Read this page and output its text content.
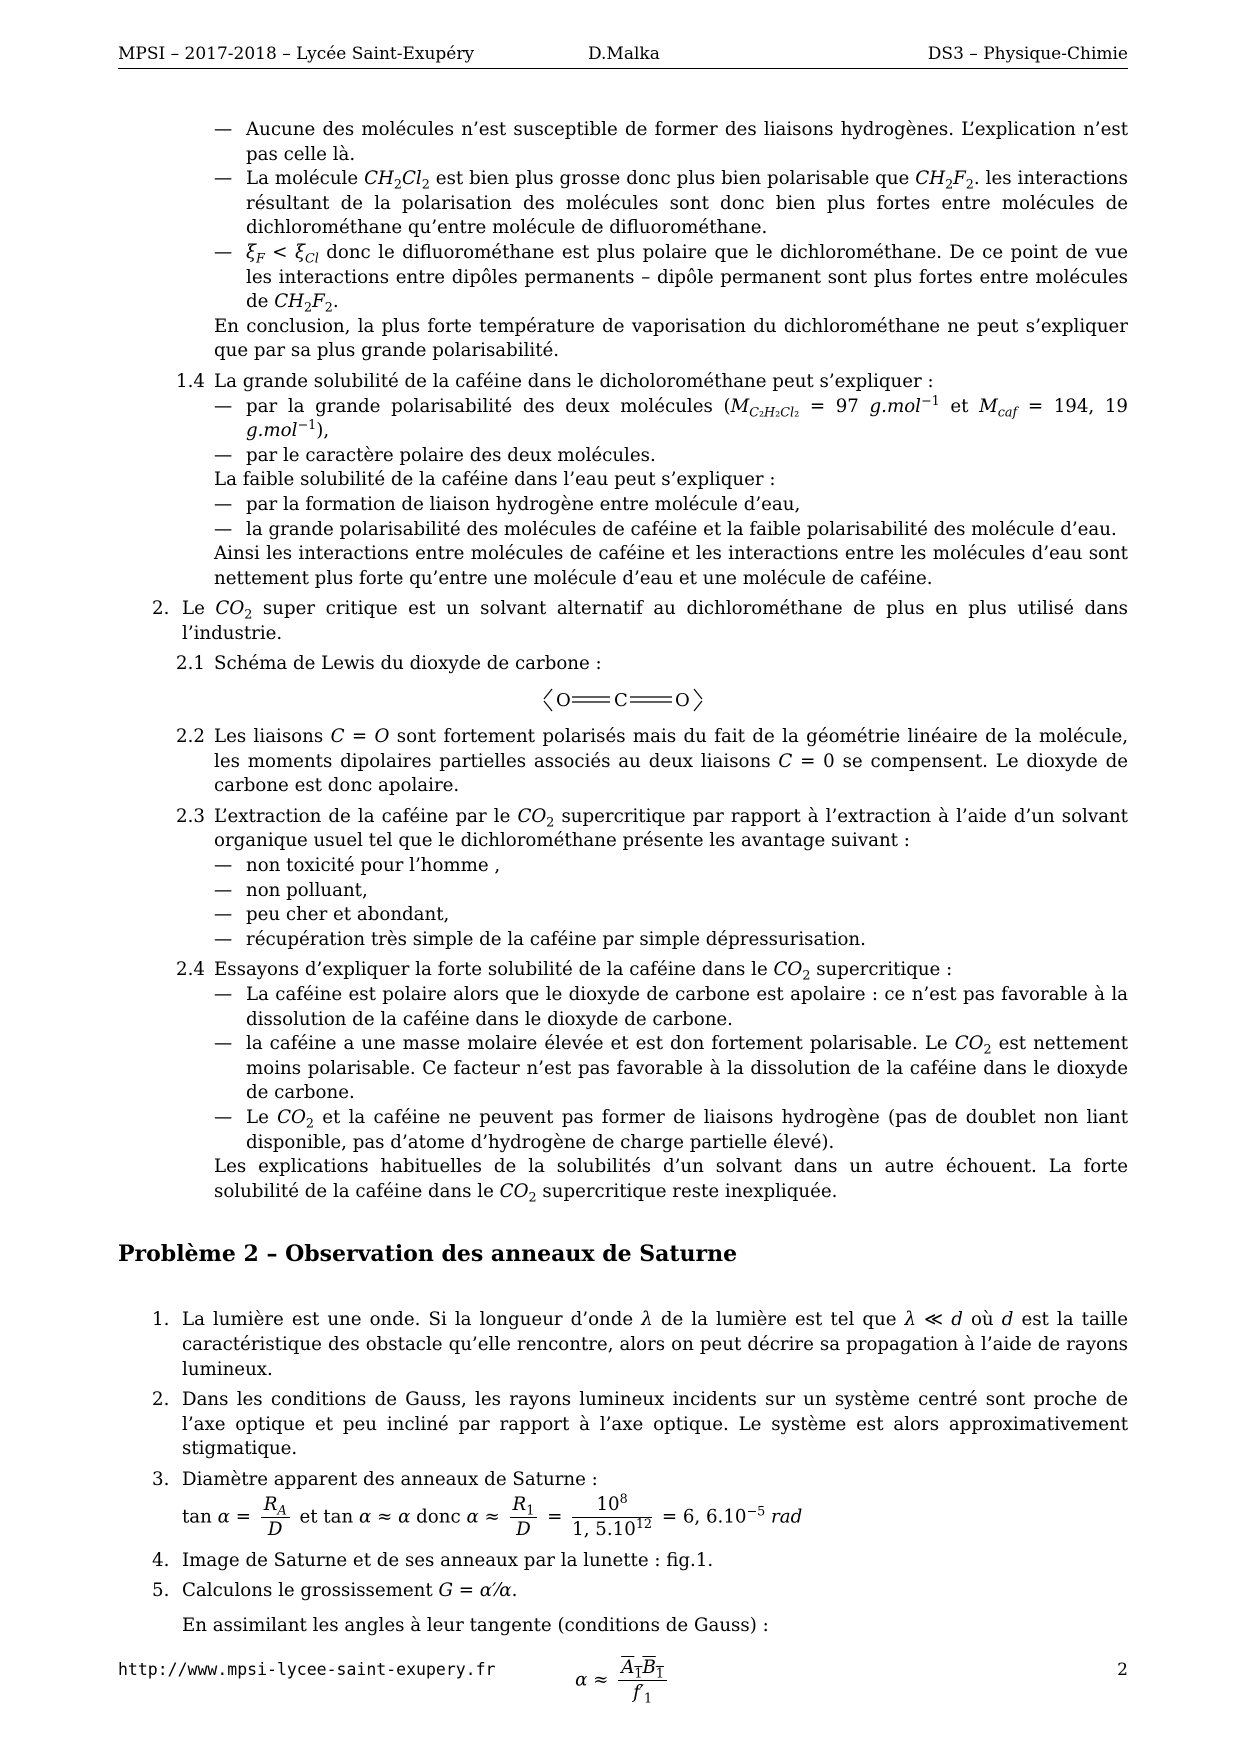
MPSI – 2017-2018 – Lycée Saint-Exupéry	D.Malka	DS3 – Physique-Chimie

— Aucune des molécules n’est susceptible de former des liaisons hydrogènes. L’explication n’est pas celle là.

— La molécule $CH_2Cl_2$ est bien plus grosse donc plus bien polarisable que $CH_2F_2$. les interactions résultant de la polarisation des molécules sont donc bien plus fortes entre molécules de dichlorométhane qu’entre molécule de difluorométhane.

— $\xi_F < \xi_{Cl}$ donc le difluorométhane est plus polaire que le dichlorométhane. De ce point de vue les interactions entre dipôles permanents – dipôle permanent sont plus fortes entre molécules de $CH_2F_2$.

En conclusion, la plus forte température de vaporisation du dichlorométhane ne peut s’expliquer que par sa plus grande polarisabilité.

1.4 La grande solubilité de la caféine dans le dicholorométhane peut s’expliquer :

— par la grande polarisabilité des deux molécules ($M_{C_2H_2Cl_2} = 97$ g.mol$^{-1}$ et $M_{caf} = 194$, 19 g.mol$^{-1}$),

— par le caractère polaire des deux molécules.

La faible solubilité de la caféine dans l’eau peut s’expliquer :

— par la formation de liaison hydrogène entre molécule d’eau,

— la grande polarisabilité des molécules de caféine et la faible polarisabilité des molécule d’eau.

Ainsi les interactions entre molécules de caféine et les interactions entre les molécules d’eau sont nettement plus forte qu’entre une molécule d’eau et une molécule de caféine.

2. Le $CO_2$ super critique est un solvant alternatif au dichlorométhane de plus en plus utilisé dans l’industrie.
2.1 Schéma de Lewis du dioxyde de carbone :
O C	O
2.2 Les liaisons C = O sont fortement polarisés mais du fait de la géométrie linéaire de la molécule, les moments dipolaires partielles associés au deux liaisons C = 0 se compensent. Le dioxyde de carbone est donc apolaire.
2.3 L’extraction de la caféine par le $CO_2$ supercritique par rapport à l’extraction à l’aide d’un solvant organique usuel tel que le dichlorométhane présente les avantage suivant :

— non toxicité pour l’homme ,

— non polluant,

— peu cher et abondant,

— récupération très simple de la caféine par simple dépressurisation.

2.4 Essayons d’expliquer la forte solubilité de la caféine dans le $CO_2$ supercritique :

— La caféine est polaire alors que le dioxyde de carbone est apolaire : ce n’est pas favorable à la dissolution de la caféine dans le dioxyde de carbone.

— la caféine a une masse molaire élevée et est don fortement polarisable. Le $CO_2$ est nettement moins polarisable. Ce facteur n’est pas favorable à la dissolution de la caféine dans le dioxyde de carbone.

— Le $CO_2$ et la caféine ne peuvent pas former de liaisons hydrogène (pas de doublet non liant disponible, pas d’atome d’hydrogène de charge partielle élevé).

Les explications habituelles de la solubilités d’un solvant dans un autre échouent. La forte solubilité de la caféine dans le $CO_2$ supercritique reste inexpliquée.

Problème 2 – Observation des anneaux de Saturne
1. La lumière est une onde. Si la longueur d’onde λ de la lumière est tel que λ ≪ d où d est la taille caractéristique des obstacle qu’elle rencontre, alors on peut décrire sa propagation à l’aide de rayons lumineux.
2. Dans les conditions de Gauss, les rayons lumineux incidents sur un système centré sont proche de l’axe optique et peu incliné par rapport à l’axe optique. Le système est alors approximativement stigmatique.
3. Diamètre apparent des anneaux de Saturne :
$\tan \alpha = \frac{R_A}{D}$ et tan α ≈ α donc $\alpha \approx \frac{R_1}{D} = \frac{10^8}{1, 5.10^{12}} = 6$, $6.10^{-5}$ rad
4. Image de Saturne et de ses anneaux par la lunette : fig.1.
5. Calculons le grossissement G = α′⁄α.

En assimilant les angles à leur tangente (conditions de Gauss) :

$\alpha \approx \frac{A_1B_1}{f'_1}$
http://www.mpsi-lycee-saint-exupery.fr	2
